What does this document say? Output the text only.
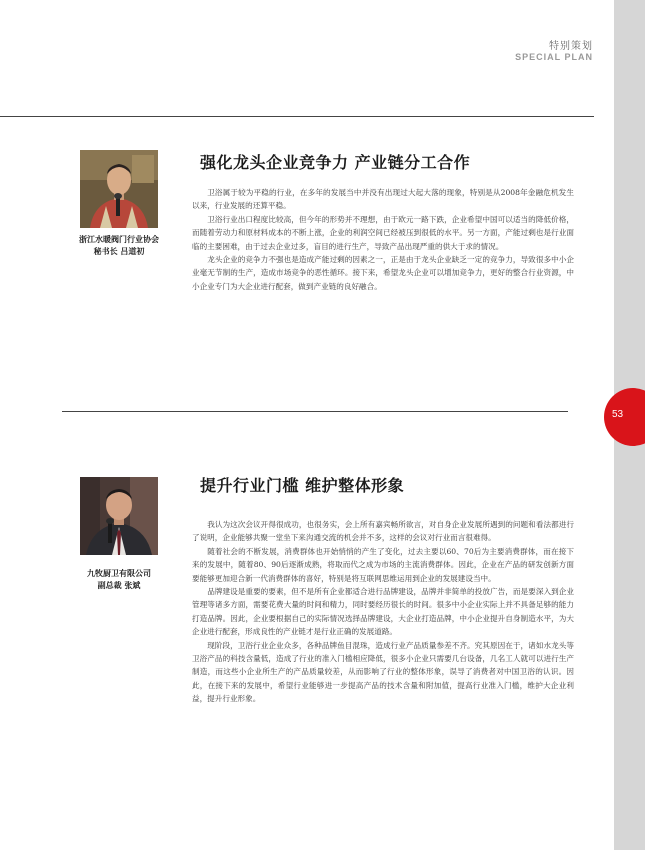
特别策划
SPECIAL PLAN
53
浙江水暖阀门行业协会
秘书长 吕道初
强化龙头企业竞争力 产业链分工合作

卫浴属于较为平稳的行业，在多年的发展当中并没有出现过大起大落的现象，特别是从2008年金融危机发生以来，行业发展的还算平稳。

卫浴行业出口程度比较高，但今年的形势并不理想，由于欧元一路下跌，企业希望中国可以适当的降低价格，而随着劳动力和原材料成本的不断上涨，企业的利润空间已经被压到很低的水平。另一方面，产能过剩也是行业面临的主要困难，由于过去企业过多，盲目的进行生产，导致产品出现严重的供大于求的情况。

龙头企业的竞争力不强也是造成产能过剩的因素之一，正是由于龙头企业缺乏一定的竞争力，导致很多中小企业毫无节制的生产，造成市场竞争的恶性循环。接下来，希望龙头企业可以增加竞争力，更好的整合行业资源，中小企业专门为大企业进行配套，做到产业链的良好融合。

九牧厨卫有限公司
副总裁 张斌
提升行业门槛 维护整体形象

我认为这次会议开得很成功，也很务实，会上所有嘉宾畅所欲言，对自身企业发展所遇到的问题和看法都进行了说明，企业能够共聚一堂坐下来沟通交流的机会并不多，这样的会议对行业而言很难得。

随着社会的不断发展，消费群体也开始悄悄的产生了变化，过去主要以60、70后为主要消费群体，而在接下来的发展中，随着80、90后逐渐成熟，将取而代之成为市场的主流消费群体。因此，企业在产品的研发创新方面要能够更加迎合新一代消费群体的喜好，特别是将互联网思维运用到企业的发展建设当中。

品牌建设是重要的要素，但不是所有企业都适合进行品牌建设，品牌并非简单的投放广告，而是要深入到企业管理等诸多方面，需要花费大量的时间和精力，同时要经历很长的时间。很多中小企业实际上并不具备足够的能力打造品牌。因此，企业要根据自己的实际情况选择品牌建设，大企业打造品牌，中小企业提升自身制造水平，为大企业进行配套，形成良性的产业链才是行业正确的发展道路。

现阶段，卫浴行业企业众多，各种品牌鱼目混珠，造成行业产品质量参差不齐。究其原因在于，诸如水龙头等卫浴产品的科技含量低，造成了行业的准入门槛相应降低，很多小企业只需要几台设备，几名工人就可以进行生产制造，而这些小企业所生产的产品质量较差，从而影响了行业的整体形象，误导了消费者对中国卫浴的认识。因此，在接下来的发展中，希望行业能够进一步提高产品的技术含量和附加值，提高行业准入门槛，维护大企业利益，提升行业形象。
